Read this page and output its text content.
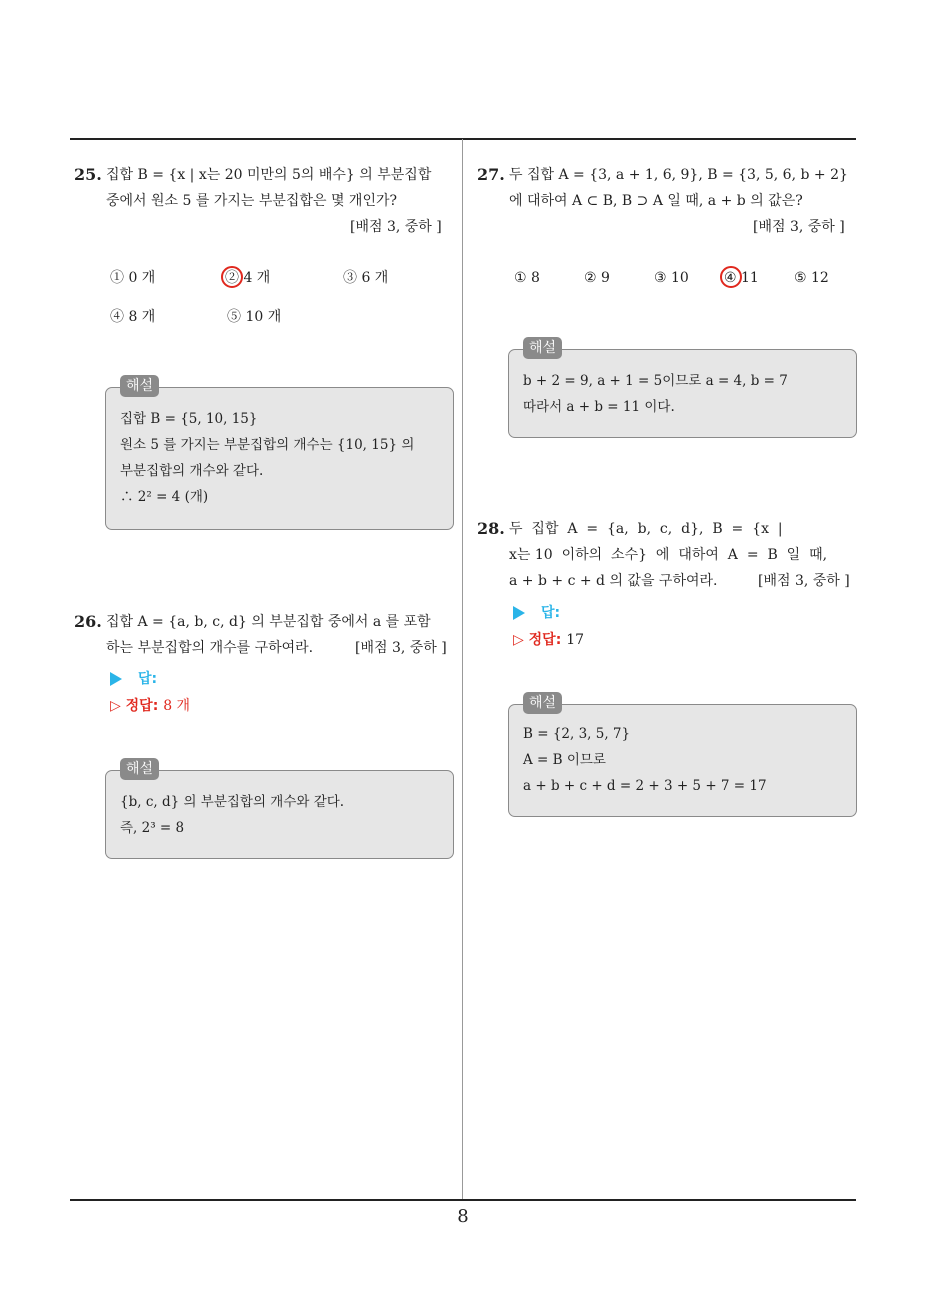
25. 집합 B = {x | x는 20 미만의 5의 배수} 의 부분집합
중에서 원소 5 를 가지는 부분집합은 몇 개인가?
[배점 3, 중하 ]
① 0 개	② 4 개	③ 6 개
④ 8 개	⑤ 10 개
해설
집합 B = {5, 10, 15}
원소 5 를 가지는 부분집합의 개수는 {10, 15} 의
부분집합의 개수와 같다.
∴ 2² = 4 (개)
26. 집합 A = {a, b, c, d} 의 부분집합 중에서 a 를 포함
하는 부분집합의 개수를 구하여라.	[배점 3, 중하 ]
답:
▷ 정답: 8 개
해설
{b, c, d} 의 부분집합의 개수와 같다.
즉, 2³ = 8
27. 두 집합 A = {3, a + 1, 6, 9}, B = {3, 5, 6, b + 2}
에 대하여 A ⊂ B, B ⊃ A 일 때, a + b 의 값은?
[배점 3, 중하 ]
① 8	② 9	③ 10	④ 11	⑤ 12
해설
b + 2 = 9, a + 1 = 5이므로 a = 4, b = 7
따라서 a + b = 11 이다.
28. 두  집합  A  =  {a,  b,  c,  d},  B  =  {x  |
x는 10  이하의  소수}  에  대하여  A  =  B  일  때,
a + b + c + d 의 값을 구하여라.	[배점 3, 중하 ]
답:
▷ 정답: 17
해설
B = {2, 3, 5, 7}
A = B 이므로
a + b + c + d = 2 + 3 + 5 + 7 = 17
8
